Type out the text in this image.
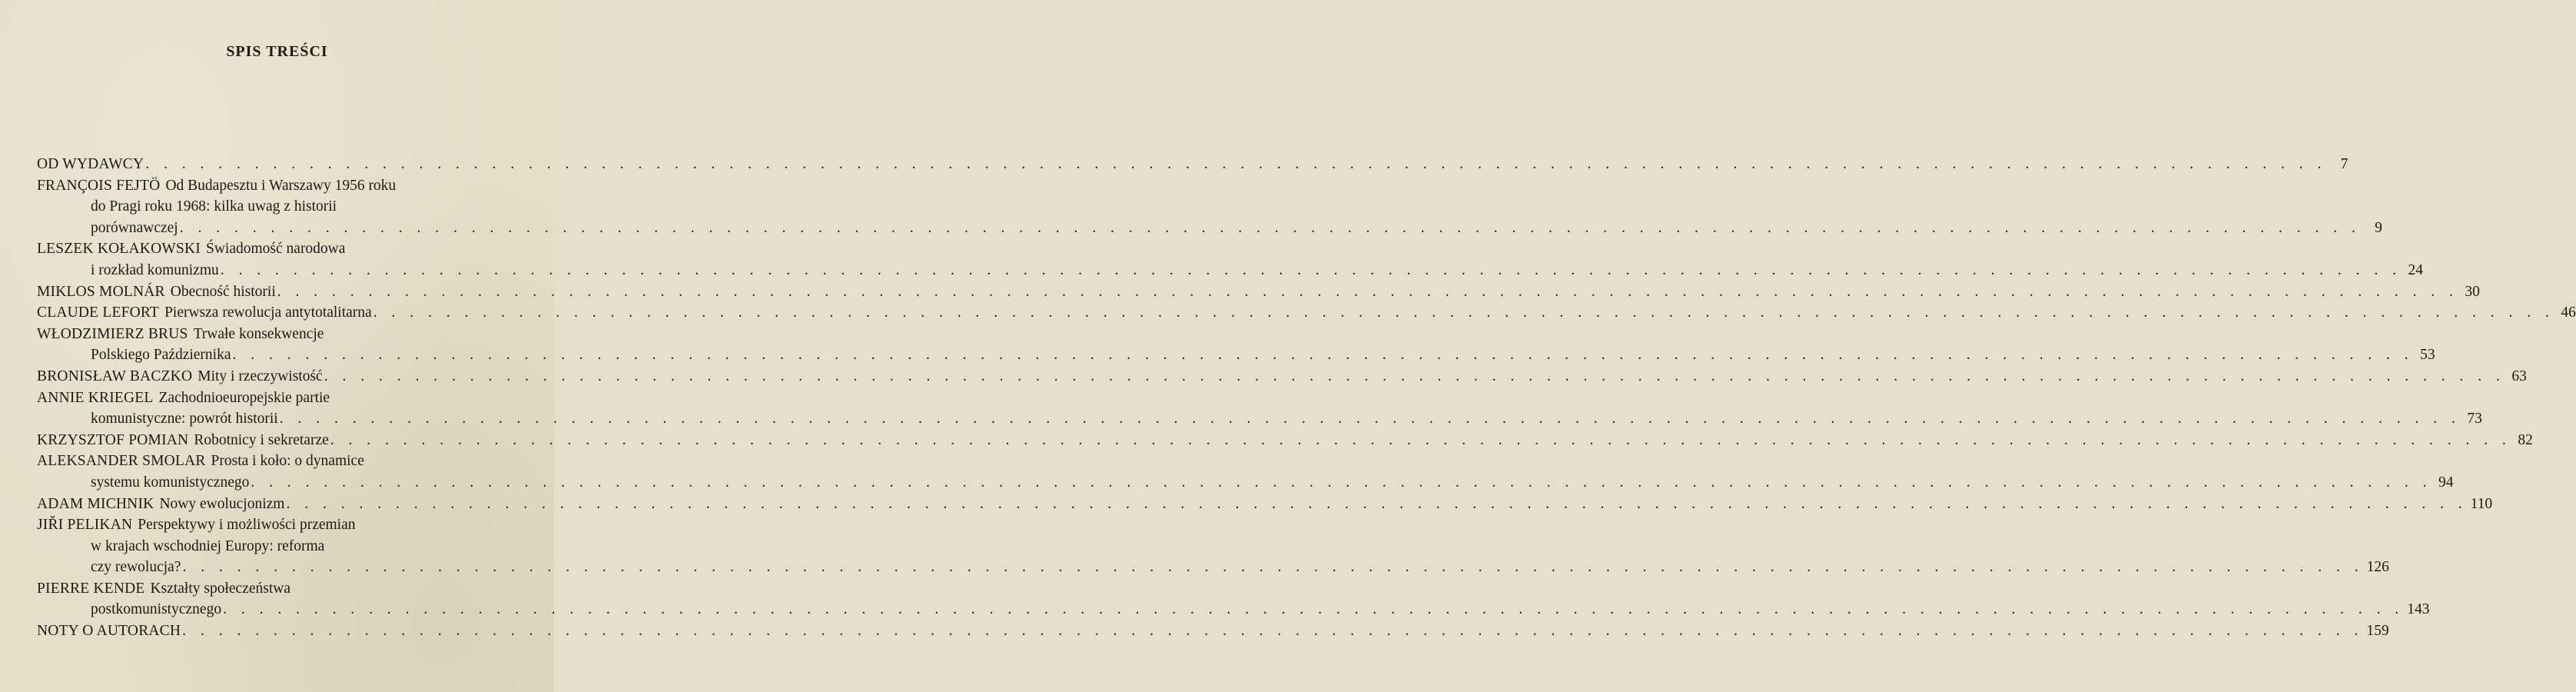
SPIS TREŚCI
OD WYDAWCY . . . . . . . . . . . . . . . . . . . . . . . . . . . . . . . . . . . . . . . . . . . . . . . . . . . . . . . . . . . . . . . . . . . . . . . . . . . . . . . . . . . . . . . . . . . . . . . . . . . . . . . . . . . . . . . . . . . . . . . . 7
FRANÇOIS FEJTÖ Od Budapesztu i Warszawy 1956 roku
do Pragi roku 1968: kilka uwag z historii
porównawczej . . . . . . . . . . . . . . . . . . . . . . . . . . . . . . . . . . . . . . . . . . . . . . . . . . . . . . . . . . . . . . . . . . . . . . . . . . . . . . . . . . . . . . . . . . . . . . . . . . . . . . . . . . . . . . . . . . . . . . . . 9
LESZEK KOŁAKOWSKI Świadomość narodowa
i rozkład komunizmu . . . . . . . . . . . . . . . . . . . . . . . . . . . . . . . . . . . . . . . . . . . . . . . . . . . . . . . . . . . . . . . . . . . . . . . . . . . . . . . . . . . . . . . . . . . . . . . . . . . . . . . . . . . . . . . . . . . . . . . . 24
MIKLOS MOLNÁR Obecność historii . . . . . . . . . . . . . . . . . . . . . . . . . . . . . . . . . . . . . . . . . . . . . . . . . . . . . . . . . . . . . . . . . . . . . . . . . . . . . . . . . . . . . . . . . . . . . . . . . . . . . . . . . . . . . . . . . . . . . . . . 30
CLAUDE LEFORT Pierwsza rewolucja antytotalitarna . . . . . . . . . . . . . . . . . . . . . . . . . . . . . . . . . . . . . . . . . . . . . . . . . . . . . . . . . . . . . . . . . . . . . . . . . . . . . . . . . . . . . . . . . . . . . . . . . . . . . . . . . . . . . . . . . . . . . . . . 46
WŁODZIMIERZ BRUS Trwałe konsekwencje
Polskiego Października . . . . . . . . . . . . . . . . . . . . . . . . . . . . . . . . . . . . . . . . . . . . . . . . . . . . . . . . . . . . . . . . . . . . . . . . . . . . . . . . . . . . . . . . . . . . . . . . . . . . . . . . . . . . . . . . . . . . . . . . 53
BRONISŁAW BACZKO Mity i rzeczywistość . . . . . . . . . . . . . . . . . . . . . . . . . . . . . . . . . . . . . . . . . . . . . . . . . . . . . . . . . . . . . . . . . . . . . . . . . . . . . . . . . . . . . . . . . . . . . . . . . . . . . . . . . . . . . . . . . . . . . . . . 63
ANNIE KRIEGEL Zachodnioeuropejskie partie
komunistyczne: powrót historii . . . . . . . . . . . . . . . . . . . . . . . . . . . . . . . . . . . . . . . . . . . . . . . . . . . . . . . . . . . . . . . . . . . . . . . . . . . . . . . . . . . . . . . . . . . . . . . . . . . . . . . . . . . . . . . . . . . . . . . . 73
KRZYSZTOF POMIAN Robotnicy i sekretarze . . . . . . . . . . . . . . . . . . . . . . . . . . . . . . . . . . . . . . . . . . . . . . . . . . . . . . . . . . . . . . . . . . . . . . . . . . . . . . . . . . . . . . . . . . . . . . . . . . . . . . . . . . . . . . . . . . . . . . . . 82
ALEKSANDER SMOLAR Prosta i koło: o dynamice
systemu komunistycznego . . . . . . . . . . . . . . . . . . . . . . . . . . . . . . . . . . . . . . . . . . . . . . . . . . . . . . . . . . . . . . . . . . . . . . . . . . . . . . . . . . . . . . . . . . . . . . . . . . . . . . . . . . . . . . . . . . . . . . . . 94
ADAM MICHNIK Nowy ewolucjonizm . . . . . . . . . . . . . . . . . . . . . . . . . . . . . . . . . . . . . . . . . . . . . . . . . . . . . . . . . . . . . . . . . . . . . . . . . . . . . . . . . . . . . . . . . . . . . . . . . . . . . . . . . . . . . . . . . . . . . . . . 110
JIŘI PELIKAN Perspektywy i możliwości przemian
w krajach wschodniej Europy: reforma
czy rewolucja? . . . . . . . . . . . . . . . . . . . . . . . . . . . . . . . . . . . . . . . . . . . . . . . . . . . . . . . . . . . . . . . . . . . . . . . . . . . . . . . . . . . . . . . . . . . . . . . . . . . . . . . . . . . . . . . . . . . . . . . . 126
PIERRE KENDE Kształty społeczeństwa
postkomunistycznego . . . . . . . . . . . . . . . . . . . . . . . . . . . . . . . . . . . . . . . . . . . . . . . . . . . . . . . . . . . . . . . . . . . . . . . . . . . . . . . . . . . . . . . . . . . . . . . . . . . . . . . . . . . . . . . . . . . . . . . . 143
NOTY O AUTORACH . . . . . . . . . . . . . . . . . . . . . . . . . . . . . . . . . . . . . . . . . . . . . . . . . . . . . . . . . . . . . . . . . . . . . . . . . . . . . . . . . . . . . . . . . . . . . . . . . . . . . . . . . . . . . . . . . . . . . . . . 159
